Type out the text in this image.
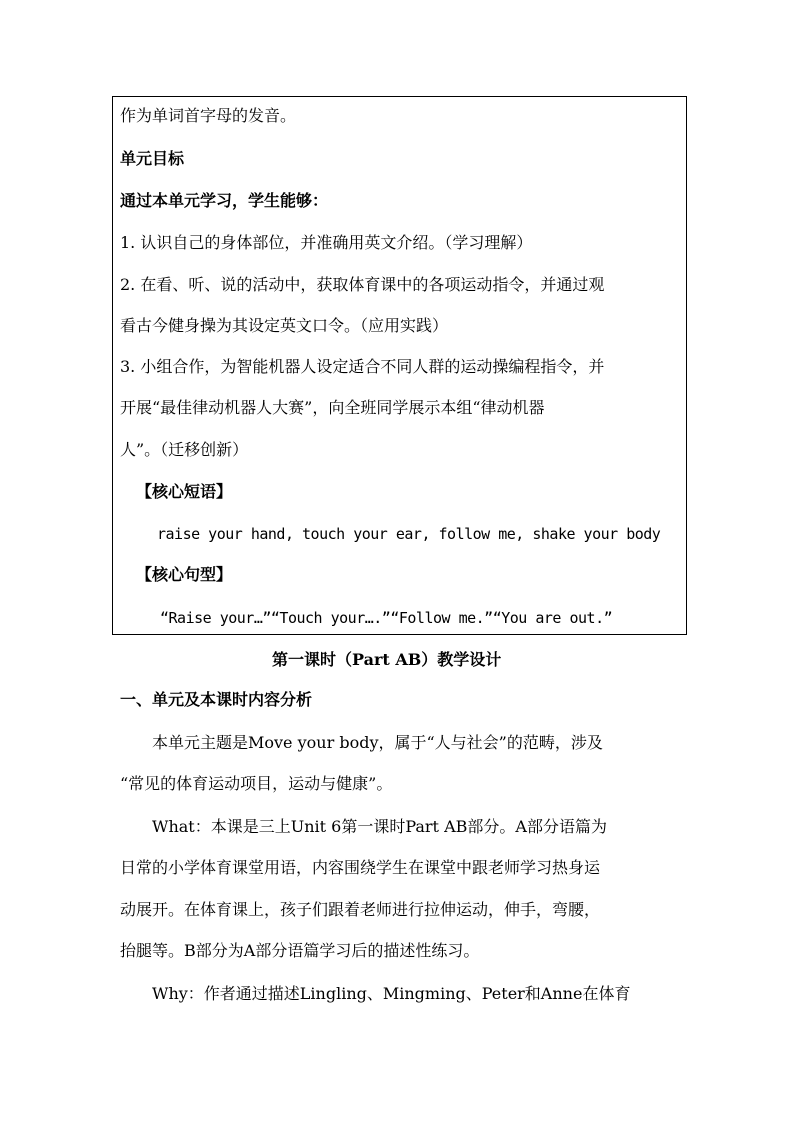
作为单词首字母的发音。
单元目标
通过本单元学习，学生能够：
1. 认识自己的身体部位，并准确用英文介绍。（学习理解）
2. 在看、听、说的活动中，获取体育课中的各项运动指令，并通过观
看古今健身操为其设定英文口令。（应用实践）
3. 小组合作，为智能机器人设定适合不同人群的运动操编程指令，并
开展“最佳律动机器人大赛”，向全班同学展示本组“律动机器
人”。（迁移创新）
【核心短语】
raise your hand, touch your ear, follow me, shake your body
【核心句型】
“Raise your…”“Touch your….”“Follow me.”“You are out.”
第一课时（Part AB）教学设计
一、单元及本课时内容分析
本单元主题是Move your body，属于“人与社会”的范畴，涉及
“常见的体育运动项目，运动与健康”。
What：本课是三上Unit 6第一课时Part AB部分。A部分语篇为
日常的小学体育课堂用语，内容围绕学生在课堂中跟老师学习热身运
动展开。在体育课上，孩子们跟着老师进行拉伸运动，伸手，弯腰，
抬腿等。B部分为A部分语篇学习后的描述性练习。
Why：作者通过描述Lingling、Mingming、Peter和Anne在体育
